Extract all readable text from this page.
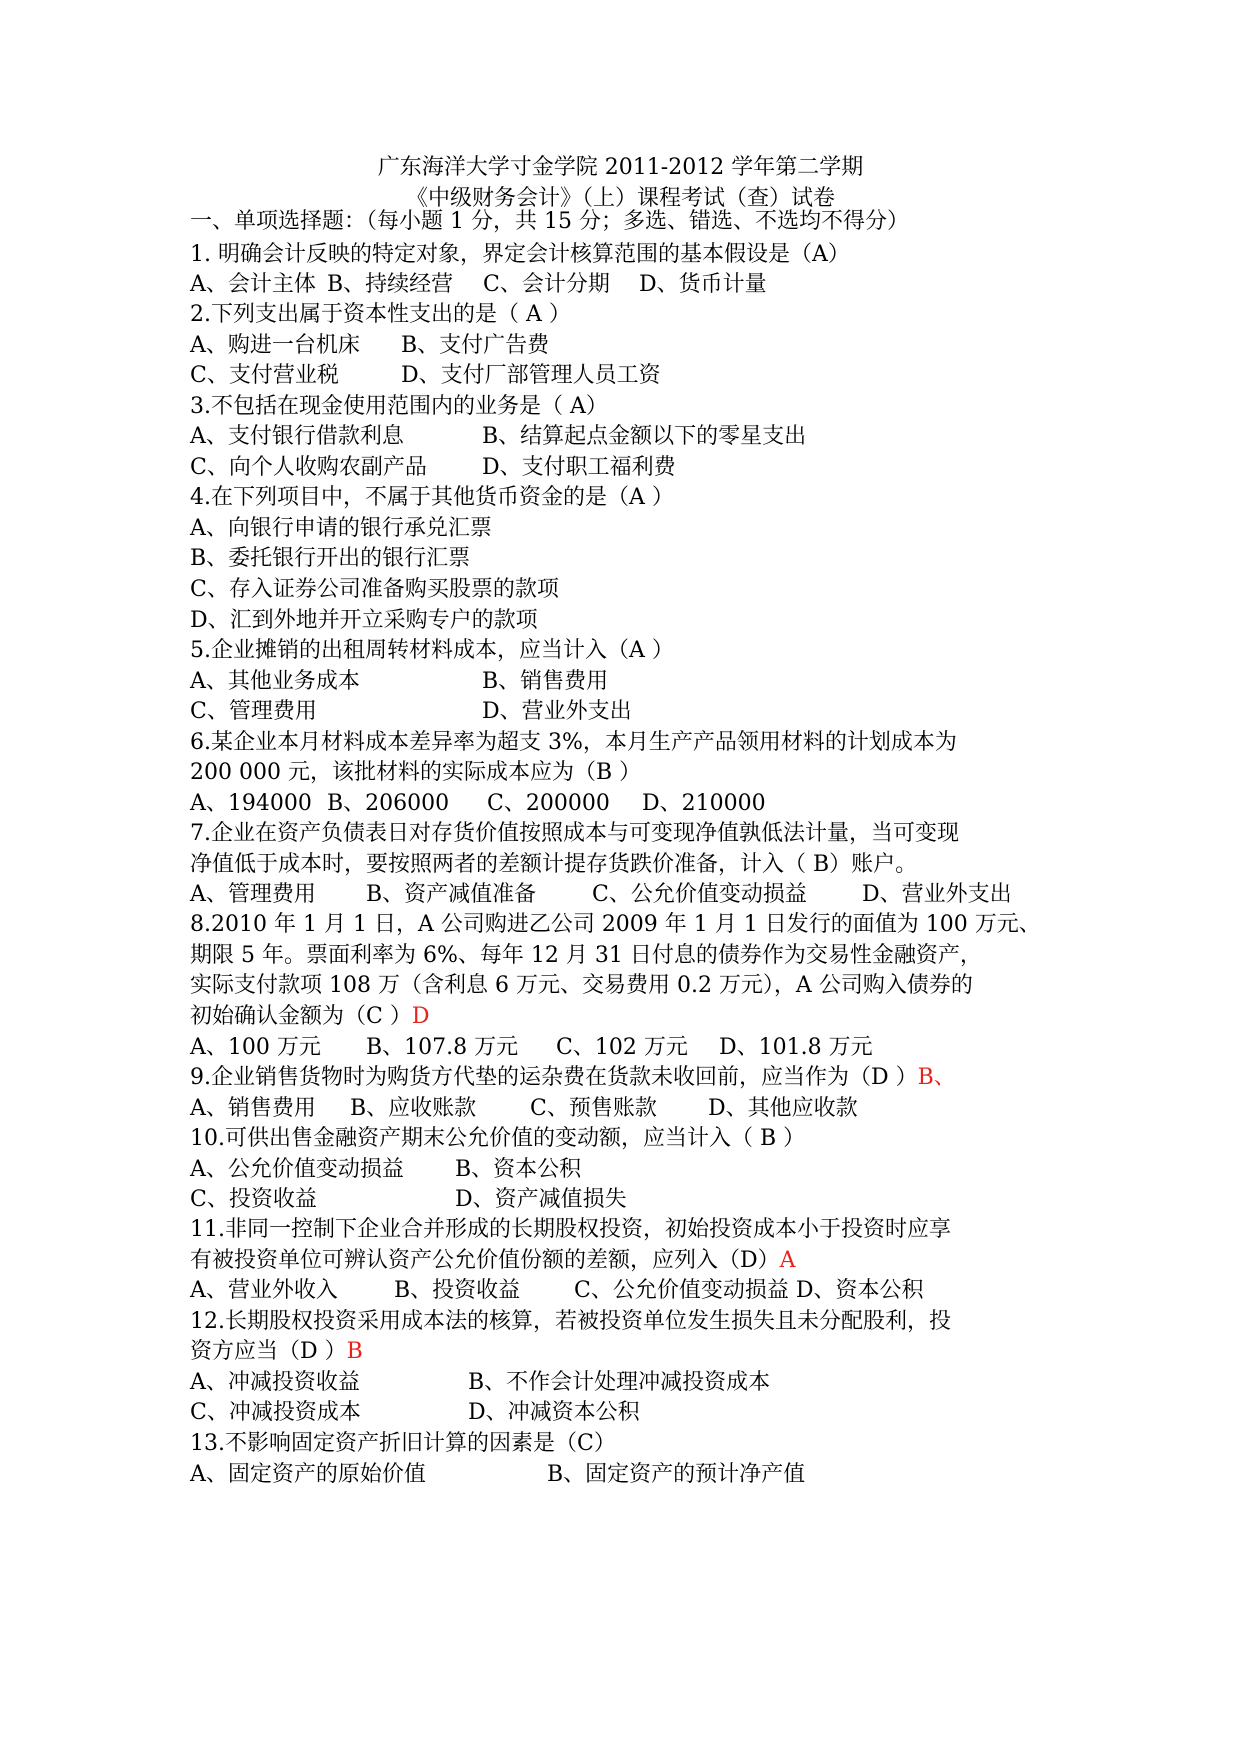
广东海洋大学寸金学院 2011-2012 学年第二学期
《中级财务会计》（上）课程考试（查）试卷
一、单项选择题：（每小题 1 分，共 15 分；多选、错选、不选均不得分）
1. 明确会计反映的特定对象，界定会计核算范围的基本假设是（A）
A、会计主体 B、持续经营 C、会计分期 D、货币计量
2.下列支出属于资本性支出的是（ A ）
A、购进一台机床 B、支付广告费
C、支付营业税	D、支付厂部管理人员工资
3.不包括在现金使用范围内的业务是（ A）
A、支付银行借款利息	B、结算起点金额以下的零星支出
C、向个人收购农副产品	D、支付职工福利费
4.在下列项目中，不属于其他货币资金的是（A ）
A、向银行申请的银行承兑汇票
B、委托银行开出的银行汇票
C、存入证券公司准备购买股票的款项
D、汇到外地并开立采购专户的款项
5.企业摊销的出租周转材料成本，应当计入（A ）
A、其他业务成本	B、销售费用
C、管理费用	D、营业外支出
6.某企业本月材料成本差异率为超支 3%，本月生产产品领用材料的计划成本为
200 000 元，该批材料的实际成本应为（B ）
A、194000 B、206000 C、200000 D、210000
7.企业在资产负债表日对存货价值按照成本与可变现净值孰低法计量，当可变现
净值低于成本时，要按照两者的差额计提存货跌价准备，计入（ B）账户。
A、管理费用 B、资产减值准备	C、公允价值变动损益	D、营业外支出
8.2010 年 1 月 1 日，A 公司购进乙公司 2009 年 1 月 1 日发行的面值为 100 万元、
期限 5 年。票面利率为 6%、每年 12 月 31 日付息的债券作为交易性金融资产，
实际支付款项 108 万（含利息 6 万元、交易费用 0.2 万元），A 公司购入债券的
初始确认金额为（C ）D
A、100 万元 B、107.8 万元 C、102 万元 D、101.8 万元
9.企业销售货物时为购货方代垫的运杂费在货款未收回前，应当作为（D ）B、
A、销售费用 B、应收账款 C、预售账款 D、其他应收款
10.可供出售金融资产期末公允价值的变动额，应当计入（ B ）
A、公允价值变动损益 B、资本公积
C、投资收益	D、资产减值损失
11.非同一控制下企业合并形成的长期股权投资，初始投资成本小于投资时应享
有被投资单位可辨认资产公允价值份额的差额，应列入（D）A
A、营业外收入	B、投资收益 C、公允价值变动损益 D、资本公积
12.长期股权投资采用成本法的核算，若被投资单位发生损失且未分配股利，投
资方应当（D ）B
A、冲减投资收益	B、不作会计处理冲减投资成本
C、冲减投资成本	D、冲减资本公积
13.不影响固定资产折旧计算的因素是（C）
A、固定资产的原始价值	B、固定资产的预计净产值
